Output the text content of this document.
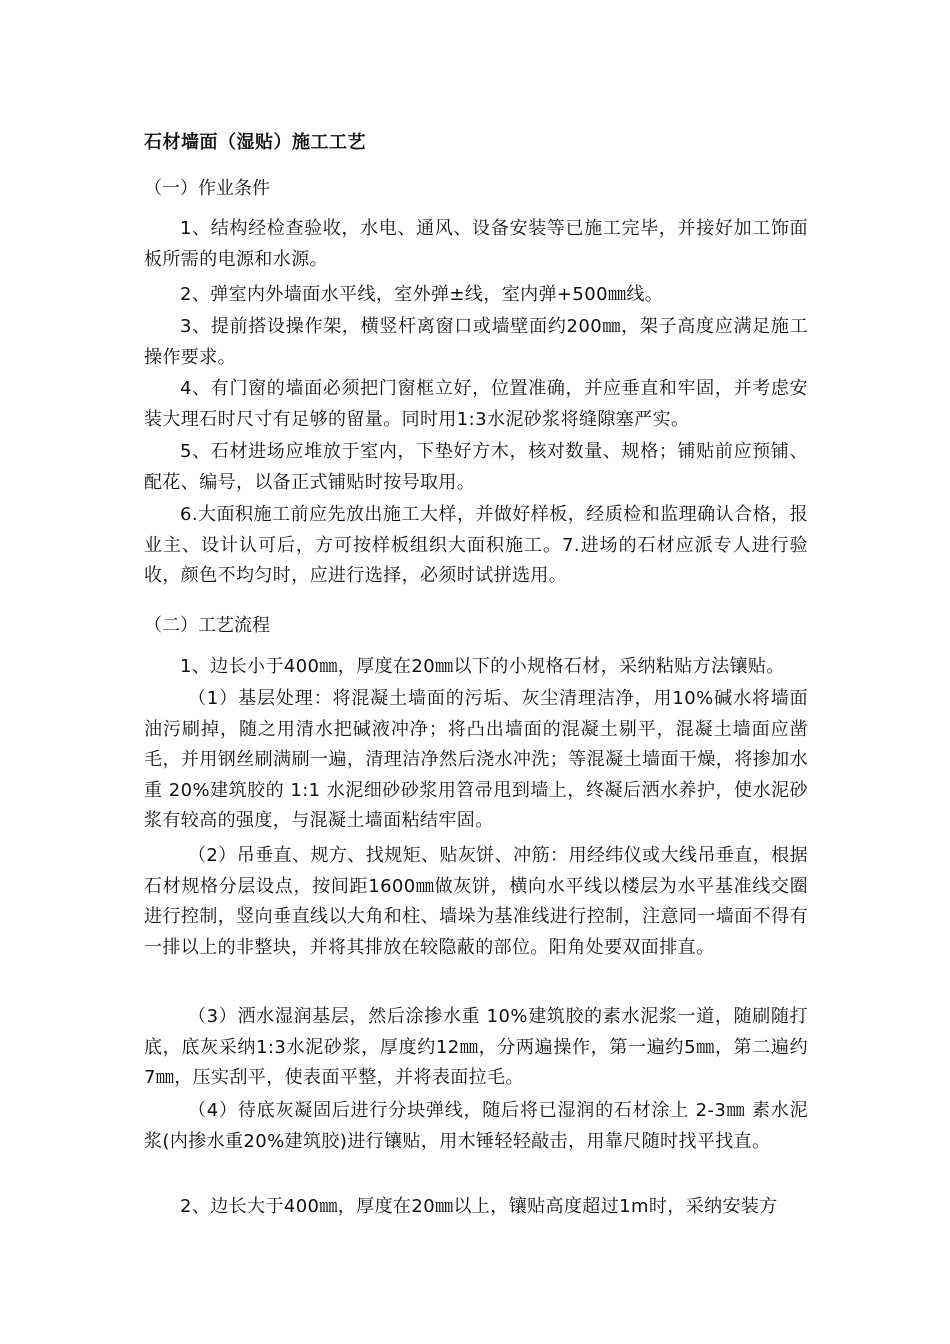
石材墙面（湿贴）施工工艺
（一）作业条件

1、结构经检查验收，水电、通风、设备安装等已施工完毕，并接好加工饰面板所需的电源和水源。

2、弹室内外墙面水平线，室外弹±线，室内弹+500㎜线。

3、提前搭设操作架，横竖杆离窗口或墙壁面约200㎜，架子高度应满足施工操作要求。

4、有门窗的墙面必须把门窗框立好，位置准确，并应垂直和牢固，并考虑安装大理石时尺寸有足够的留量。同时用1:3水泥砂浆将缝隙塞严实。

5、石材进场应堆放于室内，下垫好方木，核对数量、规格；铺贴前应预铺、配花、编号，以备正式铺贴时按号取用。

6.大面积施工前应先放出施工大样，并做好样板，经质检和监理确认合格，报业主、设计认可后，方可按样板组织大面积施工。7.进场的石材应派专人进行验收，颜色不均匀时，应进行选择，必须时试拼选用。

（二）工艺流程

1、边长小于400㎜，厚度在20㎜以下的小规格石材，采纳粘贴方法镶贴。

（1）基层处理：将混凝土墙面的污垢、灰尘清理洁净，用10%碱水将墙面油污刷掉，随之用清水把碱液冲净；将凸出墙面的混凝土剔平，混凝土墙面应凿毛，并用钢丝刷满刷一遍，清理洁净然后浇水冲洗；等混凝土墙面干燥，将掺加水重 20%建筑胶的 1:1 水泥细砂砂浆用笤帚甩到墙上，终凝后洒水养护，使水泥砂浆有较高的强度，与混凝土墙面粘结牢固。

（2）吊垂直、规方、找规矩、贴灰饼、冲筋：用经纬仪或大线吊垂直，根据石材规格分层设点，按间距1600㎜做灰饼，横向水平线以楼层为水平基准线交圈进行控制，竖向垂直线以大角和柱、墙垛为基准线进行控制，注意同一墙面不得有一排以上的非整块，并将其排放在较隐蔽的部位。阳角处要双面排直。

（3）洒水湿润基层，然后涂掺水重 10%建筑胶的素水泥浆一道，随刷随打底，底灰采纳1:3水泥砂浆，厚度约12㎜，分两遍操作，第一遍约5㎜，第二遍约7㎜，压实刮平，使表面平整，并将表面拉毛。

（4）待底灰凝固后进行分块弹线，随后将已湿润的石材涂上 2-3㎜ 素水泥浆(内掺水重20%建筑胶)进行镶贴，用木锤轻轻敲击，用靠尺随时找平找直。

2、边长大于400㎜，厚度在20㎜以上，镶贴高度超过1m时，采纳安装方
